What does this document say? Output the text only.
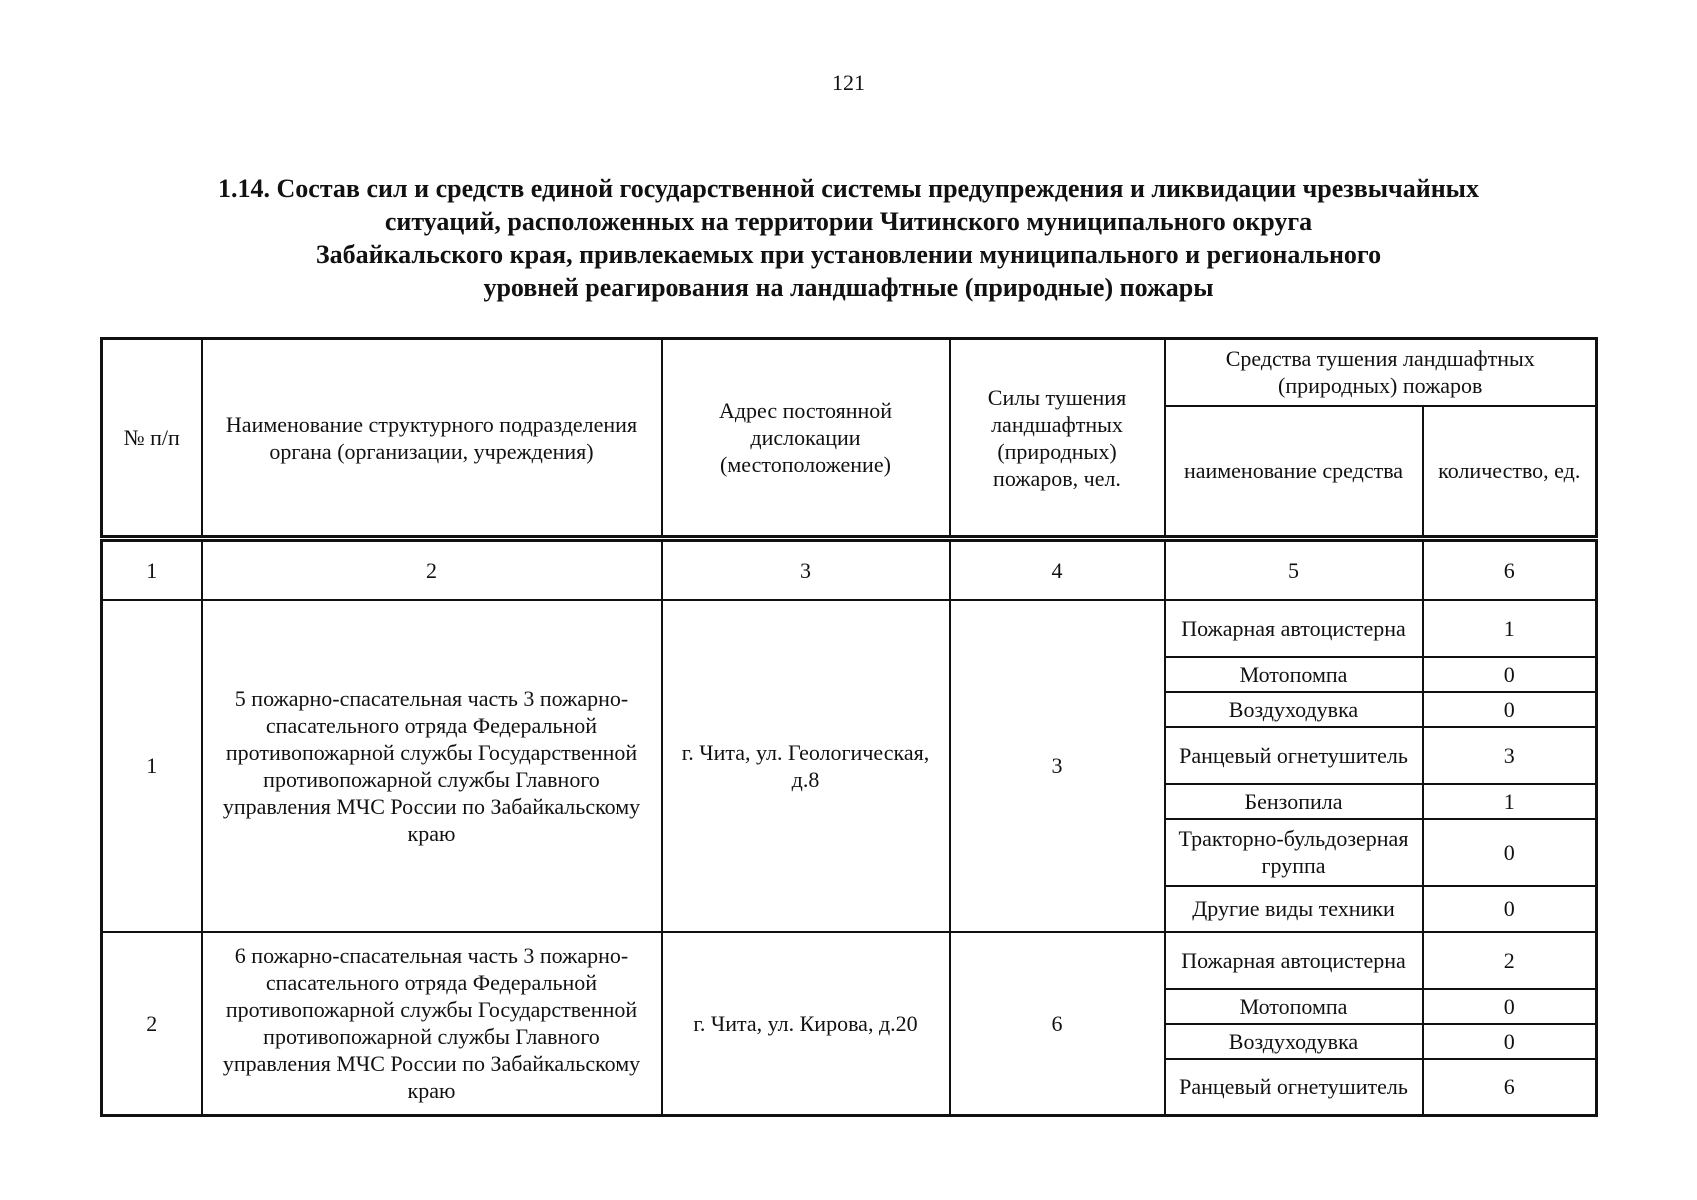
121
1.14. Состав сил и средств единой государственной системы предупреждения и ликвидации чрезвычайных
ситуаций, расположенных на территории Читинского муниципального округа
Забайкальского края, привлекаемых при установлении муниципального и регионального
уровней реагирования на ландшафтные (природные) пожары
№ п/п	Наименование структурного подразделения органа (организации, учреждения)	Адрес постоянной дислокации (местоположение)	Силы тушения ландшафтных (природных) пожаров, чел.	Средства тушения ландшафтных (природных) пожаров	
				наименование средства	количество, ед.
1	2	3	4	5	6
1	5 пожарно-спасательная часть 3 пожарно-спасательного отряда Федеральной противопожарной службы Государственной противопожарной службы Главного управления МЧС России по Забайкальскому краю	г. Чита, ул. Геологическая, д.8	3	Пожарная автоцистерна	1
				Мотопомпа	0
				Воздуходувка	0
				Ранцевый огнетушитель	3
				Бензопила	1
				Тракторно-бульдозерная группа	0
				Другие виды техники	0
2	6 пожарно-спасательная часть 3 пожарно-спасательного отряда Федеральной противопожарной службы Государственной противопожарной службы Главного управления МЧС России по Забайкальскому краю	г. Чита, ул. Кирова, д.20	6	Пожарная автоцистерна	2
				Мотопомпа	0
				Воздуходувка	0
				Ранцевый огнетушитель	6
